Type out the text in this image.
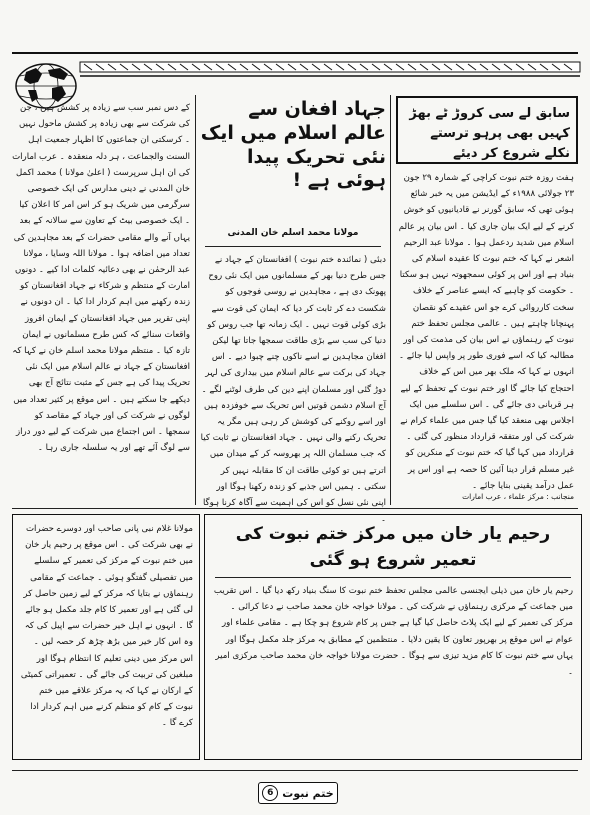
کے دس نمبر سب سے زیادہ پر کشش ہیں ، جن کی شرکت سے بھی زیادہ پر کشش ماحول نہیں ۔ کرسکتی ان جماعتوں کا اظہار جمعیت اہل السنت والجماعت ، ہر دلہ منعقدہ ۔ عرب امارات کی ان اہل سرپرست ( اعلیٰ مولانا ) محمد اکمل خان المدنی نے دینی مدارس کی ایک خصوصی سرگرمی میں شریک ہو کر اس امر کا اعلان کیا ۔ ایک خصوصی بیٹ کے تعاون سے سالانہ کے بعد یہاں آنے والے مقامی حضرات کے بعد مجاہدین کی تعداد میں اضافہ ہوا ۔ مولانا اللہ وسایا ، مولانا عبد الرحمٰن نے بھی دعائیہ کلمات ادا کیے ۔ دونوں امارت کے منتظم و شرکاء نے جہاد افغانستان کو زندہ رکھنے میں اہم کردار ادا کیا ۔ ان دونوں نے اپنی تقریر میں جہاد افغانستان کے ایمان افروز واقعات سنائے کہ کس طرح مسلمانوں نے ایمان تازہ کیا ۔ منتظم مولانا محمد اسلم خان نے کہا کہ افغانستان کے جہاد نے عالم اسلام میں ایک نئی تحریک پیدا کی ہے جس کے مثبت نتائج آج بھی دیکھے جا سکتے ہیں ۔ اس موقع پر کثیر تعداد میں لوگوں نے شرکت کی اور جہاد کے مقاصد کو سمجھا ۔ اس اجتماع میں شرکت کے لیے دور دراز سے لوگ آئے تھے اور یہ سلسلہ جاری رہا ۔
جہاد افغان سے عالم اسلام میں ایک نئی تحریک پیدا ہوئی ہے !
مولانا محمد اسلم خان المدنی
دبئی ( نمائندہ ختم نبوت ) افغانستان کے جہاد نے جس طرح دنیا بھر کے مسلمانوں میں ایک نئی روح پھونک دی ہے ، مجاہدین نے روسی فوجوں کو شکست دے کر ثابت کر دیا کہ ایمان کی قوت سے بڑی کوئی قوت نہیں ۔ ایک زمانہ تھا جب روس کو دنیا کی سب سے بڑی طاقت سمجھا جاتا تھا لیکن افغان مجاہدین نے اسے ناکوں چنے چبوا دیے ۔ اس جہاد کی برکت سے عالم اسلام میں بیداری کی لہر دوڑ گئی اور مسلمان اپنے دین کی طرف لوٹنے لگے ۔ آج اسلام دشمن قوتیں اس تحریک سے خوفزدہ ہیں اور اسے روکنے کی کوشش کر رہی ہیں مگر یہ تحریک رکنے والی نہیں ۔ جہاد افغانستان نے ثابت کیا کہ جب مسلمان اللہ پر بھروسہ کر کے میدان میں اترتے ہیں تو کوئی طاقت ان کا مقابلہ نہیں کر سکتی ۔ ہمیں اس جذبے کو زندہ رکھنا ہوگا اور اپنی نئی نسل کو اس کی اہمیت سے آگاہ کرنا ہوگا ۔
سابق لے سی کروڑ ٹے بھڑ کہیں بھی پرہو ترستے نکلے شروع کر دیئے
ہفت روزہ ختم نبوت کراچی کے شمارہ ۲۹ جون ۲۳ جولائی ۱۹۸۸ء کے ایڈیشن میں یہ خبر شائع ہوئی تھی کہ سابق گورنر نے قادیانیوں کو خوش کرنے کے لیے ایک بیان جاری کیا ۔ اس بیان پر عالم اسلام میں شدید ردعمل ہوا ۔ مولانا عبد الرحیم اشعر نے کہا کہ ختم نبوت کا عقیدہ اسلام کی بنیاد ہے اور اس پر کوئی سمجھوتہ نہیں ہو سکتا ۔ حکومت کو چاہیے کہ ایسے عناصر کے خلاف سخت کارروائی کرے جو اس عقیدے کو نقصان پہنچانا چاہتے ہیں ۔ عالمی مجلس تحفظ ختم نبوت کے رہنماؤں نے اس بیان کی مذمت کی اور مطالبہ کیا کہ اسے فوری طور پر واپس لیا جائے ۔ انہوں نے کہا کہ ملک بھر میں اس کے خلاف احتجاج کیا جائے گا اور ختم نبوت کے تحفظ کے لیے ہر قربانی دی جائے گی ۔ اس سلسلے میں ایک اجلاس بھی منعقد کیا گیا جس میں علماء کرام نے شرکت کی اور متفقہ قرارداد منظور کی گئی ۔ قرارداد میں کہا گیا کہ ختم نبوت کے منکرین کو غیر مسلم قرار دینا آئین کا حصہ ہے اور اس پر عمل درآمد یقینی بنایا جائے ۔
مولانا غلام نبی پانی صاحب اور دوسرے حضرات نے بھی شرکت کی ۔ اس موقع پر رحیم یار خان میں ختم نبوت کے مرکز کی تعمیر کے سلسلے میں تفصیلی گفتگو ہوئی ۔ جماعت کے مقامی رہنماؤں نے بتایا کہ مرکز کے لیے زمین حاصل کر لی گئی ہے اور تعمیر کا کام جلد مکمل ہو جائے گا ۔ انہوں نے اہل خیر حضرات سے اپیل کی کہ وہ اس کار خیر میں بڑھ چڑھ کر حصہ لیں ۔ اس مرکز میں دینی تعلیم کا انتظام ہوگا اور مبلغین کی تربیت کی جائے گی ۔ تعمیراتی کمیٹی کے ارکان نے کہا کہ یہ مرکز علاقے میں ختم نبوت کے کام کو منظم کرنے میں اہم کردار ادا کرے گا ۔
رحیم یار خان میں مرکز ختم نبوت کی تعمیر شروع ہو گئی
رحیم یار خان میں ذیلی ایجنسی عالمی مجلس تحفظ ختم نبوت کا سنگ بنیاد رکھ دیا گیا ۔ اس تقریب میں جماعت کے مرکزی رہنماؤں نے شرکت کی ۔ مولانا خواجہ خان محمد صاحب نے دعا کرائی ۔ مرکز کی تعمیر کے لیے ایک پلاٹ حاصل کیا گیا ہے جس پر کام شروع ہو چکا ہے ۔ مقامی علماء اور عوام نے اس موقع پر بھرپور تعاون کا یقین دلایا ۔ منتظمین کے مطابق یہ مرکز جلد مکمل ہوگا اور یہاں سے ختم نبوت کا کام مزید تیزی سے ہوگا ۔ حضرت مولانا خواجہ خان محمد صاحب مرکزی امیر ۔
منجانب : مرکز علماء ، عرب امارات
6 ختم نبوت
